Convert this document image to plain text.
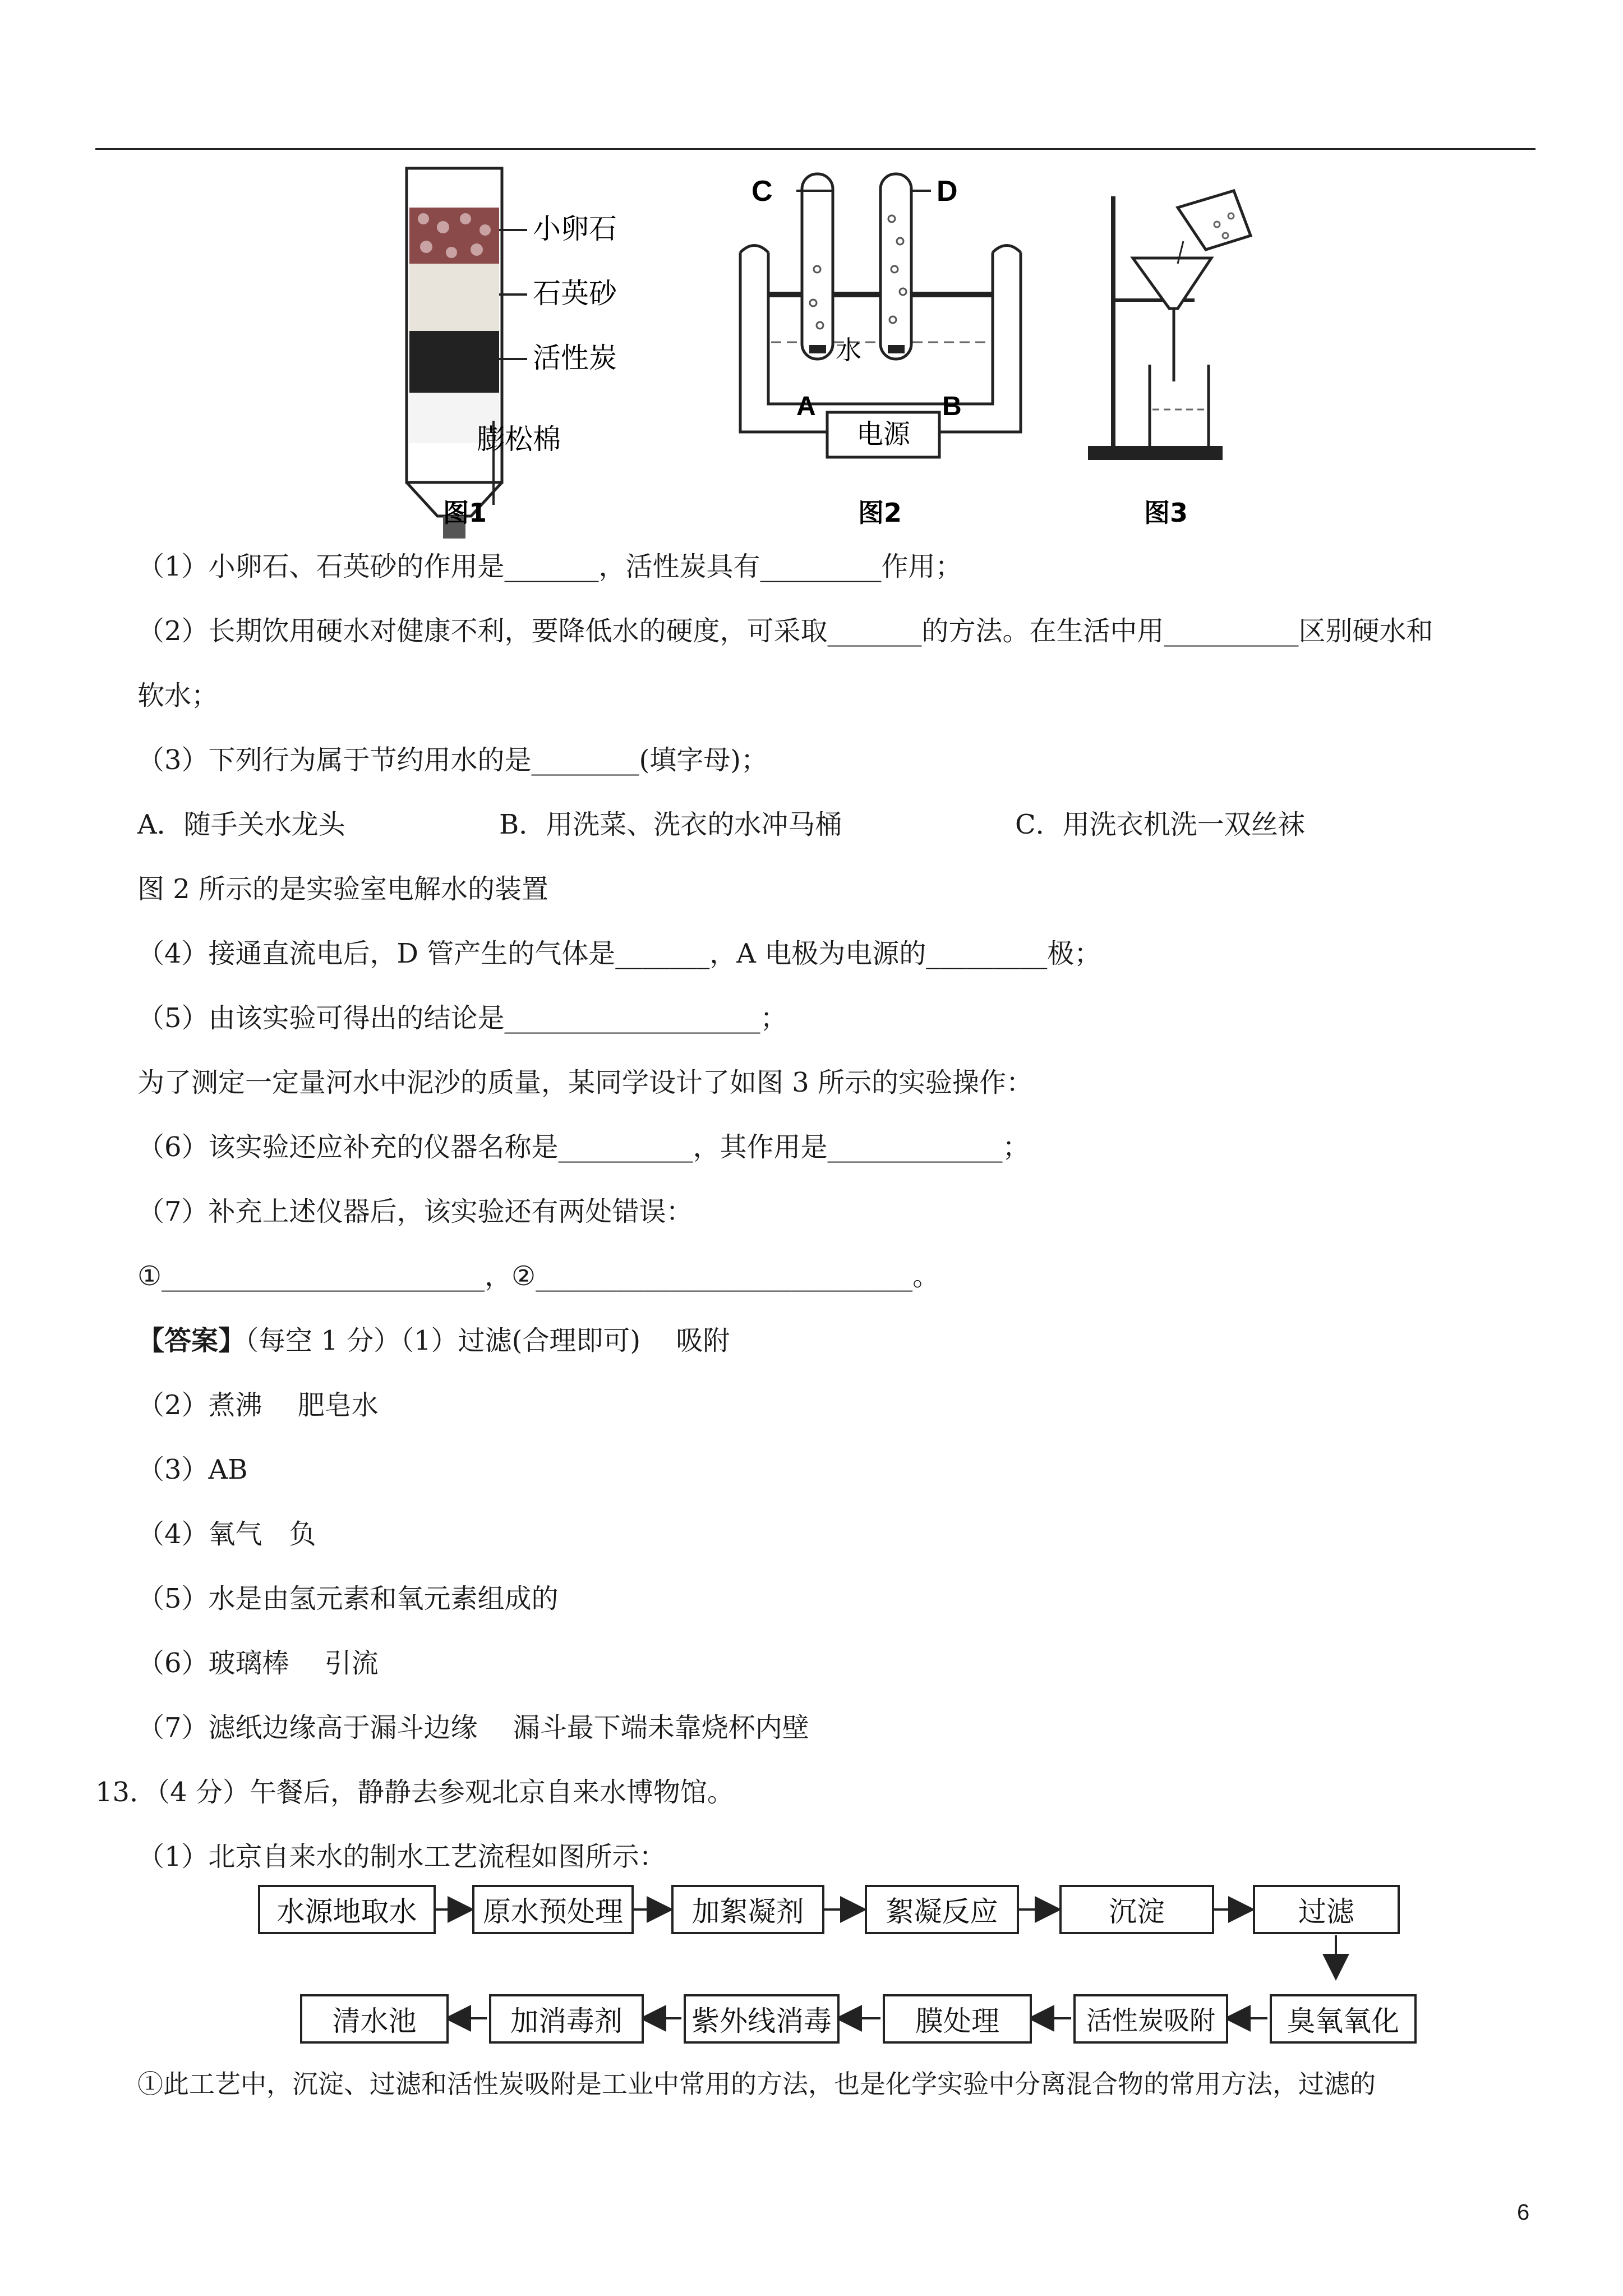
小卵石
石英砂
活性炭
膨松棉
C	D
水
电源
A	B
图1	图2	图3
（1）小卵石、石英砂的作用是_______，活性炭具有_________作用；
（2）长期饮用硬水对健康不利，要降低水的硬度，可采取_______的方法。在生活中用__________区别硬水和
软水；
（3）下列行为属于节约用水的是________(填字母)；
A．随手关水龙头	B．用洗菜、洗衣的水冲马桶	C．用洗衣机洗一双丝袜
图 2 所示的是实验室电解水的装置
（4）接通直流电后，D 管产生的气体是_______，A 电极为电源的_________极；
（5）由该实验可得出的结论是___________________；
为了测定一定量河水中泥沙的质量，某同学设计了如图 3 所示的实验操作：
（6）该实验还应补充的仪器名称是__________，其作用是_____________；
（7）补充上述仪器后，该实验还有两处错误：
①________________________，②____________________________。
【答案】（每空 1 分）（1）过滤(合理即可)　 吸附
（2）煮沸　 肥皂水
（3）AB
（4）氧气　负
（5）水是由氢元素和氧元素组成的
（6）玻璃棒　 引流
（7）滤纸边缘高于漏斗边缘　 漏斗最下端未靠烧杯内壁
13．（4 分）午餐后，静静去参观北京自来水博物馆。
（1）北京自来水的制水工艺流程如图所示：
水源地取水	原水预处理	加絮凝剂	絮凝反应	沉淀	过滤
清水池	加消毒剂	紫外线消毒	膜处理	活性炭吸附	臭氧氧化
①此工艺中，沉淀、过滤和活性炭吸附是工业中常用的方法，也是化学实验中分离混合物的常用方法，过滤的
6
